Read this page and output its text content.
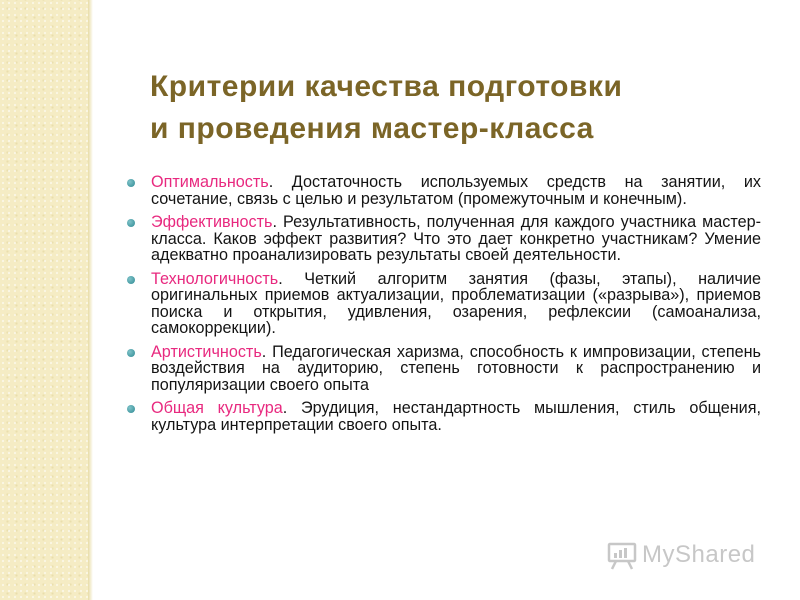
Критерии качества подготовки
и проведения мастер-класса
Оптимальность. Достаточность используемых средств на занятии, их сочетание, связь с целью и результатом (промежуточным и конечным).
Эффективность. Результативность, полученная для каждого участника мастер-класса. Каков эффект развития? Что это дает конкретно участникам? Умение адекватно проанализировать результаты своей деятельности.
Технологичность. Четкий алгоритм занятия (фазы, этапы), наличие оригинальных приемов актуализации, проблематизации («разрыва»), приемов поиска и открытия, удивления, озарения, рефлексии (самоанализа, самокоррекции).
Артистичность. Педагогическая харизма, способность к импровизации, степень воздействия на аудиторию, степень готовности к распространению и популяризации своего опыта
Общая культура. Эрудиция, нестандартность мышления, стиль общения, культура интерпретации своего опыта.
MyShared
